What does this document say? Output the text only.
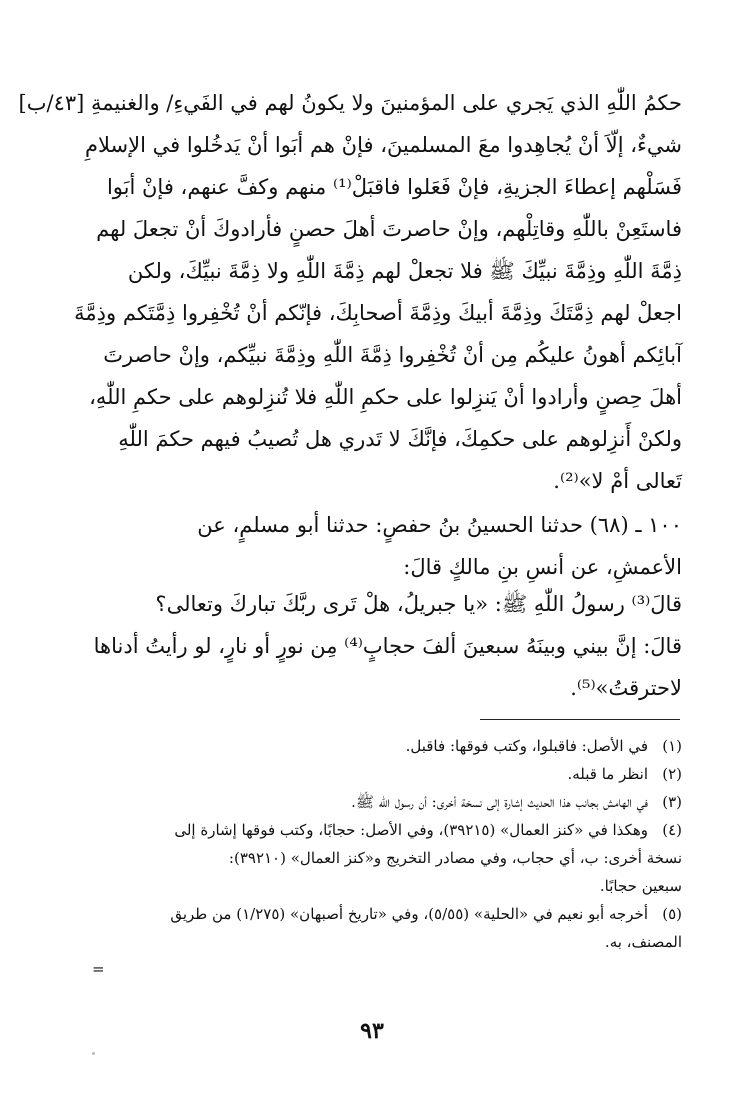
حكمُ اللّٰهِ الذي يَجري على المؤمنينَ ولا يكونُ لهم في الفَيءِ/ والغنيمةِ [٤٣/ب]
شيءٌ، إلّاَ أنْ يُجاهِدوا معَ المسلمينَ، فإنْ هم أبَوا أنْ يَدخُلوا في الإسلامِ
فَسَلْهم إعطاءَ الجزيةِ، فإنْ فَعَلوا فاقبَلْ⁽¹⁾ منهم وكفَّ عنهم، فإنْ أبَوا
فاستَعِنْ باللّٰهِ وقاتِلْهم، وإنْ حاصرتَ أهلَ حصنٍ فأرادوكَ أنْ تجعلَ لهم
ذِمَّةَ اللّٰهِ وذِمَّةَ نبيِّكَ ﷺ فلا تجعلْ لهم ذِمَّةَ اللّٰهِ ولا ذِمَّةَ نبيِّكَ، ولكن
اجعلْ لهم ذِمَّتَكَ وذِمَّةَ أبيكَ وذِمَّةَ أصحابِكَ، فإنّكم أنْ تُخْفِروا ذِمَّتَكم وذِمَّةَ
آبائِكم أهونُ عليكُم مِن أنْ تُخْفِروا ذِمَّةَ اللّٰهِ وذِمَّةَ نبيِّكم، وإنْ حاصرتَ
أهلَ حِصنٍ وأرادوا أنْ يَنزِلوا على حكمِ اللّٰهِ فلا تُنزِلوهم على حكمِ اللّٰهِ،
ولكنْ أَنزِلوهم على حكمِكَ، فإنَّكَ لا تَدري هل تُصيبُ فيهم حكمَ اللّٰهِ
تَعالى أمْ لا»⁽²⁾.
١٠٠ ـ (٦٨) حدثنا الحسينُ بنُ حفصٍ: حدثنا أبو مسلمٍ، عن
الأعمشِ، عن أنسِ بنِ مالكٍ قالَ:
قالَ⁽³⁾ رسولُ اللّٰهِ ﷺ: «يا جبريلُ، هلْ تَرى ربَّكَ تباركَ وتعالى؟
قالَ: إنَّ بيني وبينَهُ سبعينَ ألفَ حجابٍ⁽⁴⁾ مِن نورٍ أو نارٍ، لو رأيتُ أدناها
لاحترقتُ»⁽⁵⁾.
(١)
في الأصل: فاقبلوا، وكتب فوقها: فاقبل.
(٢)
انظر ما قبله.
(٣)
في الهامش بجانب هذا الحديث إشارة إلى نسخة أخرى: أن رسول الله ﷺ.
(٤)
وهكذا في «كنز العمال» (٣٩٢١٥)، وفي الأصل: حجابًا، وكتب فوقها إشارة إلى
نسخة أخرى: ب، أي حجاب، وفي مصادر التخريج و«كنز العمال» (٣٩٢١٠):
سبعين حجابًا.
(٥)
أخرجه أبو نعيم في «الحلية» (٥/٥٥)، وفي «تاريخ أصبهان» (١/٢٧٥) من طريق
المصنف، به.
=
٩٣
